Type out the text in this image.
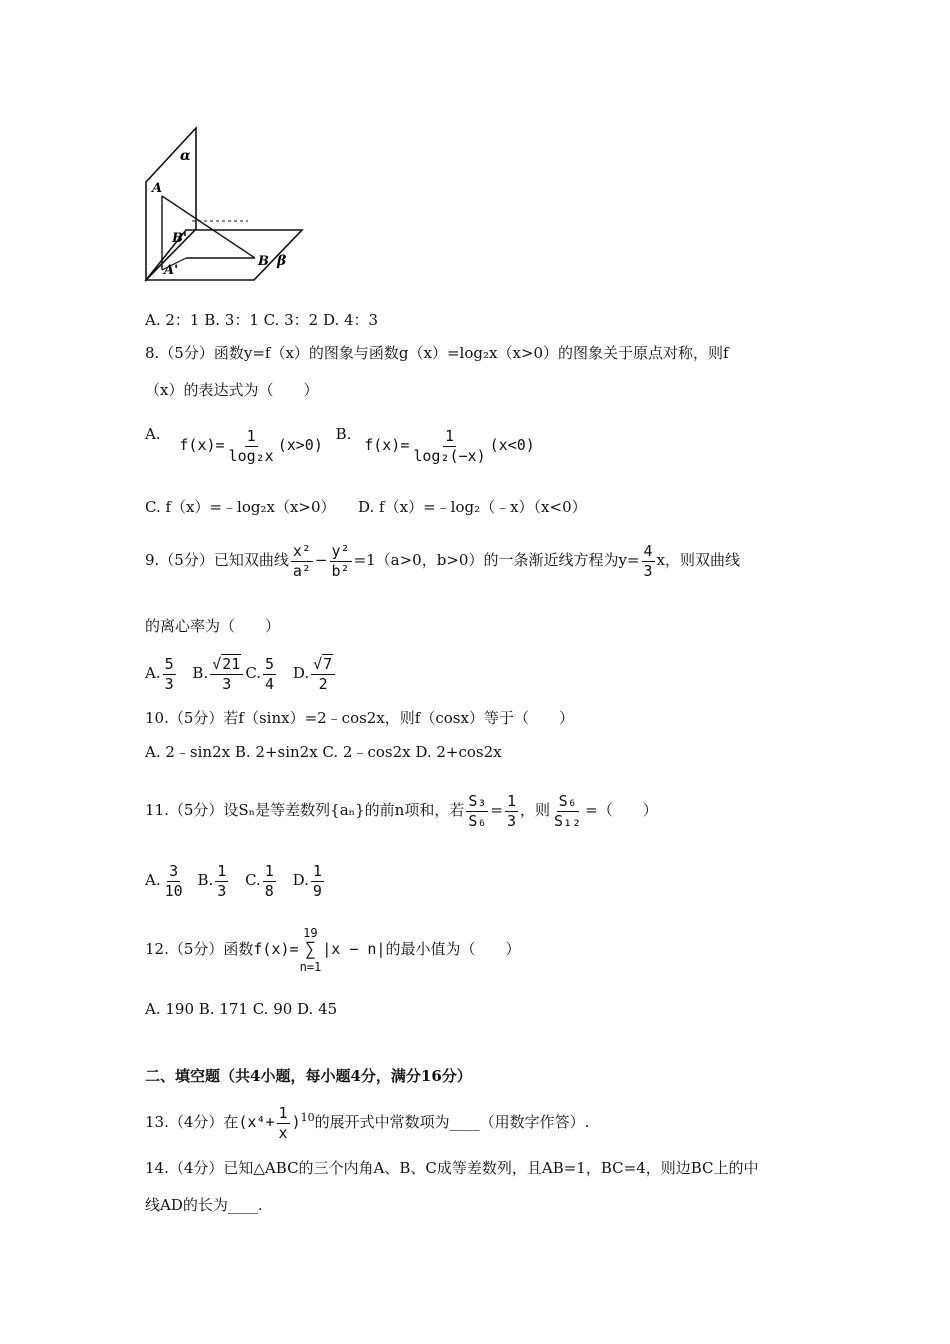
α
A
B'
B β
A'
A. 2：1 B. 3：1 C. 3：2 D. 4：3
8.（5分）函数y=f（x）的图象与函数g（x）=log₂x（x>0）的图象关于原点对称，则f
（x）的表达式为（　　）
A. $f(x)= \frac{1}{\text{log₂x}} (x>0)$ B. $f(x)= \frac{1}{\text{log₂(−x)}} (x<0)$
C. f（x）=﹣log₂x（x>0）　　D. f（x）=﹣log₂（﹣x）（x<0）
9.（5分）已知双曲线 $\frac{\text{x²}}{\text{a²}} - \frac{\text{y²}}{\text{b²}} =1(a>0$，b>0）的一条渐近线方程为$y= \frac{4}{3}$ x，则双曲线
的离心率为（　　）
A. $\frac{5}{3} B$. $\frac{√21}{3} C$. $\frac{5}{4} D$. $\frac{√7}{2}$
10.（5分）若f（sinx）=2﹣cos2x，则f（cosx）等于（　　）
A. 2﹣sin2x B. 2+sin2x C. 2﹣cos2x D. 2+cos2x
11.（5分）设Sₙ是等差数列{aₙ}的前n项和，若 $\frac{\text{S₃}}{\text{S₆}} = \frac{1}{3}$ ，则 $\frac{\text{S₆}}{\text{S₁₂}}$ =（　　）
A. $\frac{3}{10} B$. $\frac{1}{3} C$. $\frac{1}{8} D$. $\frac{1}{9}$
12.（5分）函数f(x)=
19
∑
n=1
|x − n|的最小值为（　　）
A. 190 B. 171 C. 90 D. 45
二、填空题（共4小题，每小题4分，满分16分）
13.（4分）在$(x^4+ \frac{1}{x} )^{10}$的展开式中常数项为____（用数字作答）.
14.（4分）已知△ABC的三个内角A、B、C成等差数列，且AB=1，BC=4，则边BC上的中
线AD的长为____.
